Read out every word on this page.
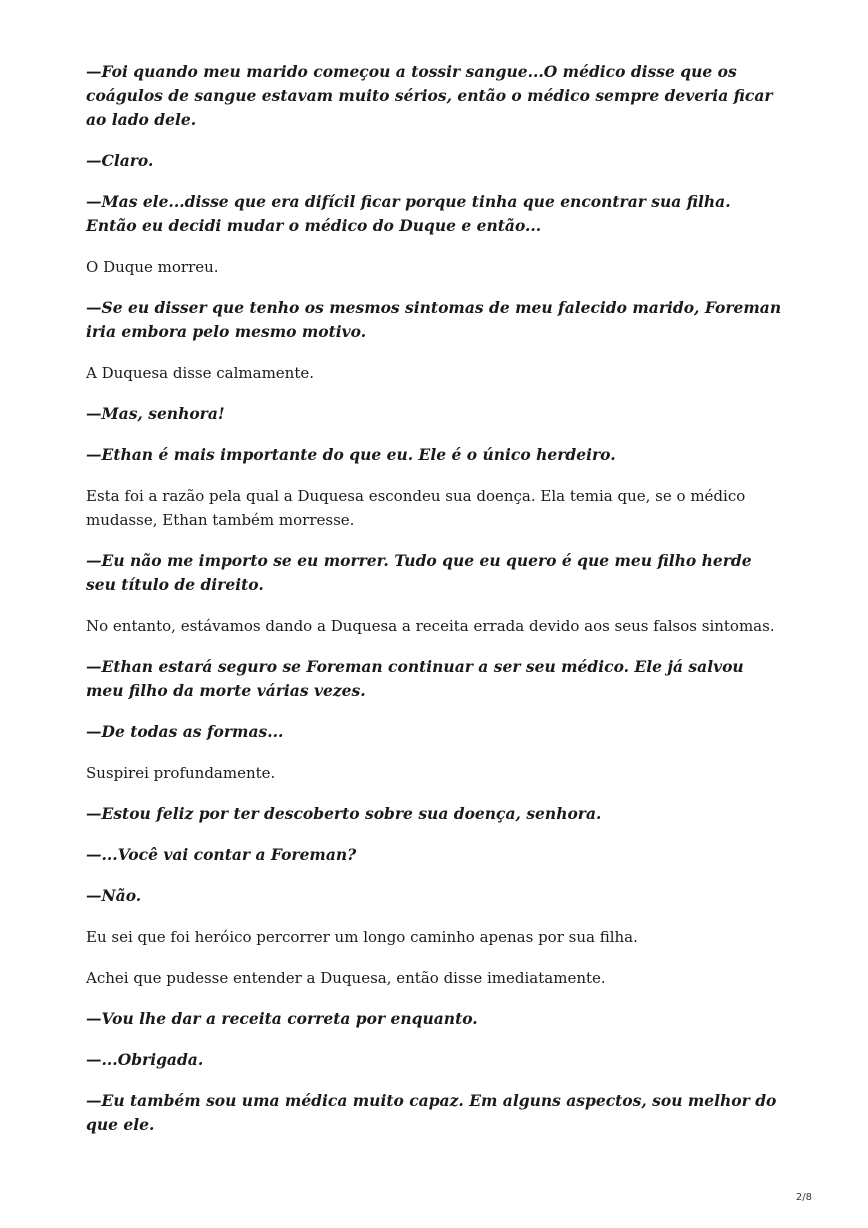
—Foi quando meu marido começou a tossir sangue...O médico disse que os coágulos de sangue estavam muito sérios, então o médico sempre deveria ficar ao lado dele.

—Claro.

—Mas ele...disse que era difícil ficar porque tinha que encontrar sua filha. Então eu decidi mudar o médico do Duque e então...

O Duque morreu.

—Se eu disser que tenho os mesmos sintomas de meu falecido marido, Foreman iria embora pelo mesmo motivo.

A Duquesa disse calmamente.

—Mas, senhora!

—Ethan é mais importante do que eu. Ele é o único herdeiro.

Esta foi a razão pela qual a Duquesa escondeu sua doença. Ela temia que, se o médico mudasse, Ethan também morresse.

—Eu não me importo se eu morrer. Tudo que eu quero é que meu filho herde seu título de direito.

No entanto, estávamos dando a Duquesa a receita errada devido aos seus falsos sintomas.

—Ethan estará seguro se Foreman continuar a ser seu médico. Ele já salvou meu filho da morte várias vezes.

—De todas as formas...

Suspirei profundamente.

—Estou feliz por ter descoberto sobre sua doença, senhora.

—...Você vai contar a Foreman?

—Não.

Eu sei que foi heróico percorrer um longo caminho apenas por sua filha.

Achei que pudesse entender a Duquesa, então disse imediatamente.

—Vou lhe dar a receita correta por enquanto.

—...Obrigada.

—Eu também sou uma médica muito capaz. Em alguns aspectos, sou melhor do que ele.

2/8
